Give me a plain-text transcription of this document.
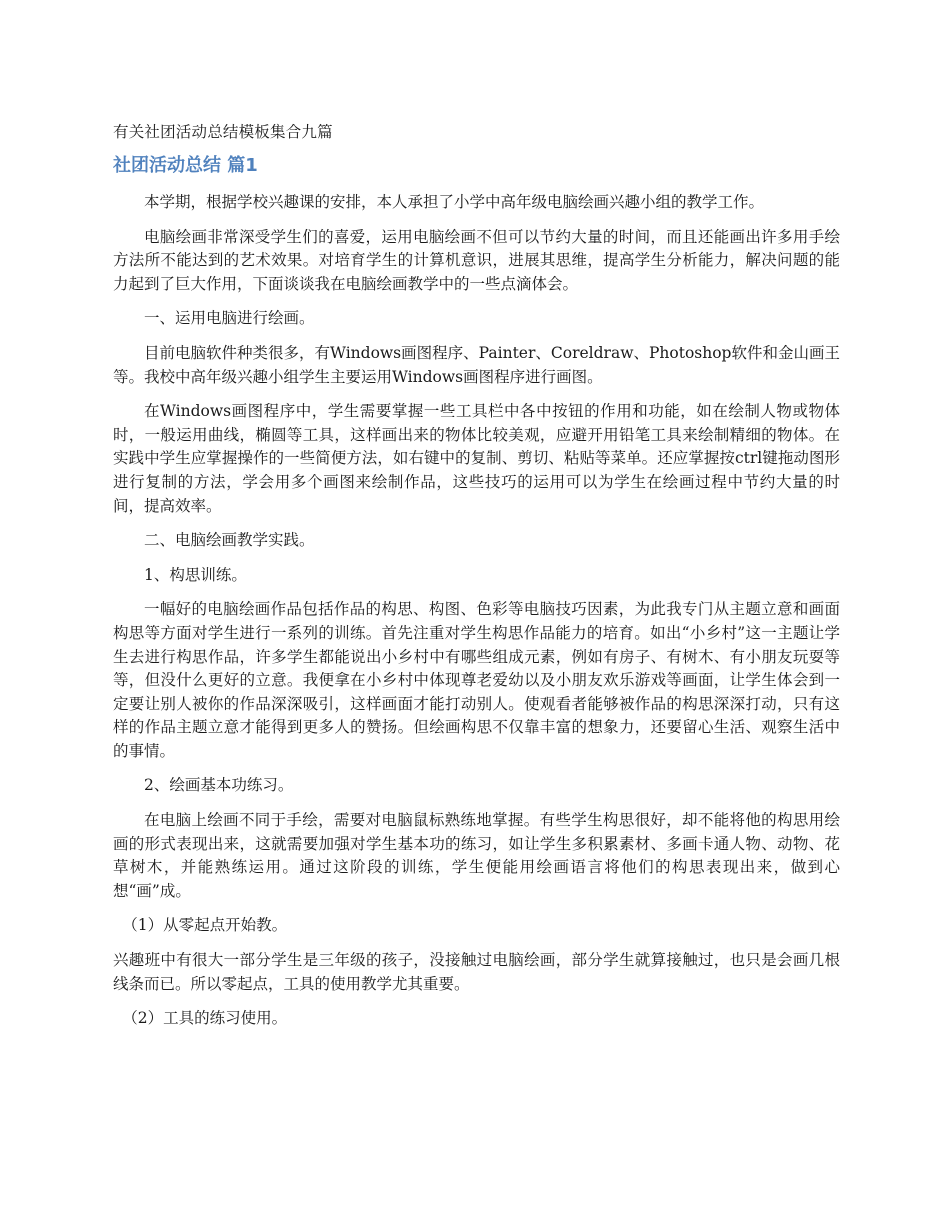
有关社团活动总结模板集合九篇
社团活动总结 篇1

本学期，根据学校兴趣课的安排，本人承担了小学中高年级电脑绘画兴趣小组的教学工作。

电脑绘画非常深受学生们的喜爱，运用电脑绘画不但可以节约大量的时间，而且还能画出许多用手绘方法所不能达到的艺术效果。对培育学生的计算机意识，进展其思维，提高学生分析能力，解决问题的能力起到了巨大作用，下面谈谈我在电脑绘画教学中的一些点滴体会。

一、运用电脑进行绘画。

目前电脑软件种类很多，有Windows画图程序、Painter、Coreldraw、Photoshop软件和金山画王等。我校中高年级兴趣小组学生主要运用Windows画图程序进行画图。

在Windows画图程序中，学生需要掌握一些工具栏中各中按钮的作用和功能，如在绘制人物或物体时，一般运用曲线，椭圆等工具，这样画出来的物体比较美观，应避开用铅笔工具来绘制精细的物体。在实践中学生应掌握操作的一些简便方法，如右键中的复制、剪切、粘贴等菜单。还应掌握按ctrl键拖动图形进行复制的方法，学会用多个画图来绘制作品，这些技巧的运用可以为学生在绘画过程中节约大量的时间，提高效率。

二、电脑绘画教学实践。

1、构思训练。

一幅好的电脑绘画作品包括作品的构思、构图、色彩等电脑技巧因素，为此我专门从主题立意和画面构思等方面对学生进行一系列的训练。首先注重对学生构思作品能力的培育。如出“小乡村”这一主题让学生去进行构思作品，许多学生都能说出小乡村中有哪些组成元素，例如有房子、有树木、有小朋友玩耍等等，但没什么更好的立意。我便拿在小乡村中体现尊老爱幼以及小朋友欢乐游戏等画面，让学生体会到一定要让别人被你的作品深深吸引，这样画面才能打动别人。使观看者能够被作品的构思深深打动，只有这样的作品主题立意才能得到更多人的赞扬。但绘画构思不仅靠丰富的想象力，还要留心生活、观察生活中的事情。

2、绘画基本功练习。

在电脑上绘画不同于手绘，需要对电脑鼠标熟练地掌握。有些学生构思很好，却不能将他的构思用绘画的形式表现出来，这就需要加强对学生基本功的练习，如让学生多积累素材、多画卡通人物、动物、花草树木，并能熟练运用。通过这阶段的训练，学生便能用绘画语言将他们的构思表现出来，做到心想“画”成。

（1）从零起点开始教。

兴趣班中有很大一部分学生是三年级的孩子，没接触过电脑绘画，部分学生就算接触过，也只是会画几根线条而已。所以零起点，工具的使用教学尤其重要。

（2）工具的练习使用。
